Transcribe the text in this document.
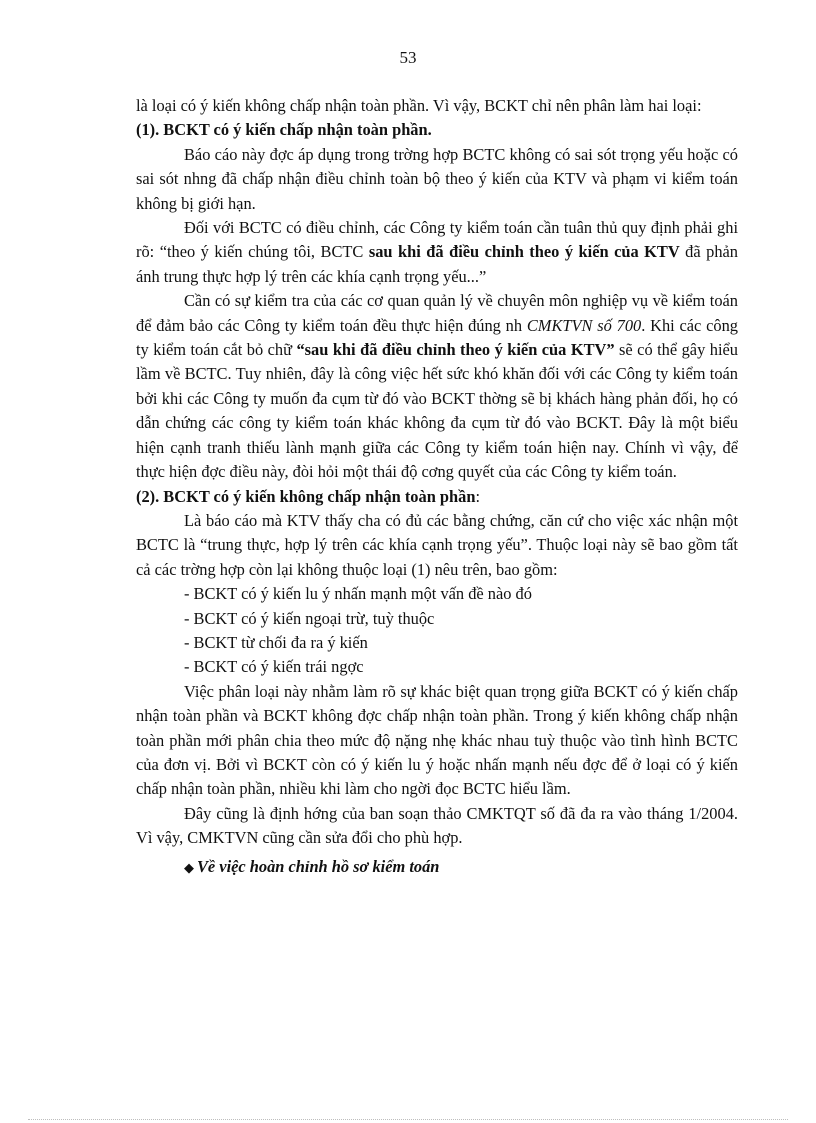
53

là loại có ý kiến không chấp nhận toàn phần. Vì vậy, BCKT chỉ nên phân làm hai loại:

(1). BCKT có ý kiến chấp nhận toàn phần.

Báo cáo này đợc áp dụng trong trờng hợp BCTC không có sai sót trọng yếu hoặc có sai sót nhng đã chấp nhận điều chỉnh toàn bộ theo ý kiến của KTV và phạm vi kiểm toán không bị giới hạn.

Đối với BCTC có điều chỉnh, các Công ty kiểm toán cần tuân thủ quy định phải ghi rõ: “theo ý kiến chúng tôi, BCTC sau khi đã điều chỉnh theo ý kiến của KTV đã phản ánh trung thực hợp lý trên các khía cạnh trọng yếu...”

Cần có sự kiểm tra của các cơ quan quản lý về chuyên môn nghiệp vụ về kiểm toán để đảm bảo các Công ty kiểm toán đều thực hiện đúng nh CMKTVN số 700. Khi các công ty kiểm toán cắt bỏ chữ “sau khi đã điều chỉnh theo ý kiến của KTV” sẽ có thể gây hiểu lầm về BCTC. Tuy nhiên, đây là công việc hết sức khó khăn đối với các Công ty kiểm toán bởi khi các Công ty muốn đa cụm từ đó vào BCKT thờng sẽ bị khách hàng phản đối, họ có dẫn chứng các công ty kiểm toán khác không đa cụm từ đó vào BCKT. Đây là một biểu hiện cạnh tranh thiếu lành mạnh giữa các Công ty kiểm toán hiện nay. Chính vì vậy, để thực hiện đợc điều này, đòi hỏi một thái độ cơng quyết của các Công ty kiểm toán.

(2). BCKT có ý kiến không chấp nhận toàn phần:

Là báo cáo mà KTV thấy cha có đủ các bằng chứng, căn cứ cho việc xác nhận một BCTC là “trung thực, hợp lý trên các khía cạnh trọng yếu”. Thuộc loại này sẽ bao gồm tất cả các trờng hợp còn lại không thuộc loại (1) nêu trên, bao gồm:

- BCKT có ý kiến lu ý nhấn mạnh một vấn đề nào đó

- BCKT có ý kiến ngoại trừ, tuỳ thuộc

- BCKT từ chối đa ra ý kiến

- BCKT có ý kiến trái ngợc

Việc phân loại này nhằm làm rõ sự khác biệt quan trọng giữa BCKT có ý kiến chấp nhận toàn phần và BCKT không đợc chấp nhận toàn phần. Trong ý kiến không chấp nhận toàn phần mới phân chia theo mức độ nặng nhẹ khác nhau tuỳ thuộc vào tình hình BCTC của đơn vị. Bởi vì BCKT còn có ý kiến lu ý hoặc nhấn mạnh nếu đợc để ở loại có ý kiến chấp nhận toàn phần, nhiều khi làm cho ngời đọc BCTC hiểu lầm.

Đây cũng là định hớng của ban soạn thảo CMKTQT số đã đa ra vào tháng 1/2004. Vì vậy, CMKTVN cũng cần sửa đổi cho phù hợp.

◆ Về việc hoàn chỉnh hồ sơ kiểm toán
